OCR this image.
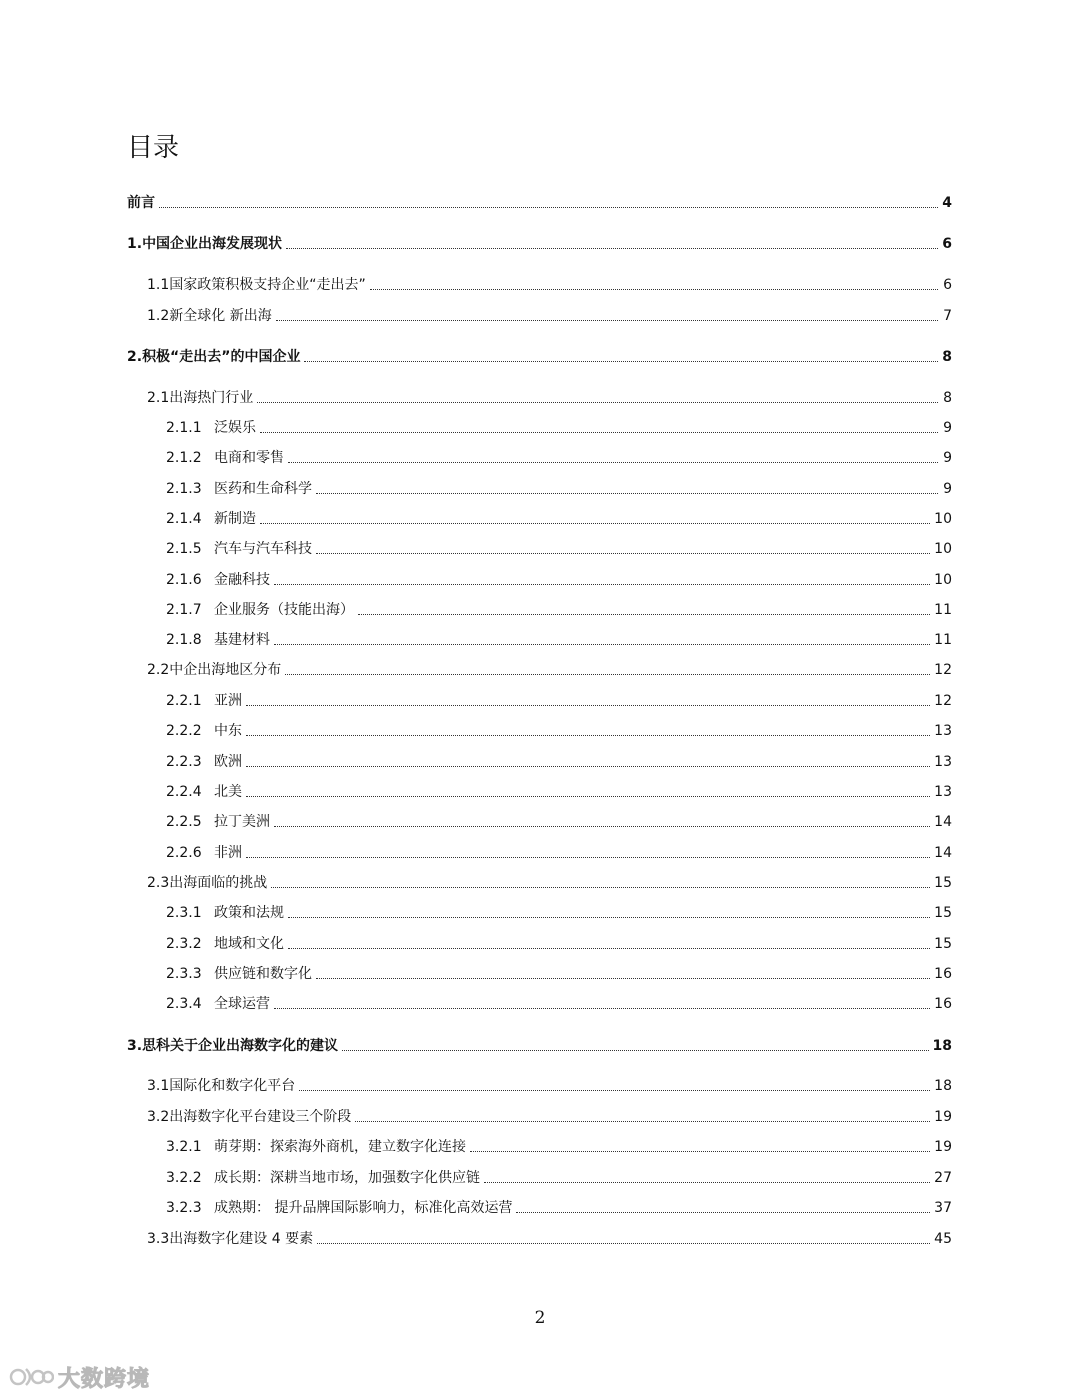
目录
前言	4
1. 中国企业出海发展现状	6
1.1 国家政策积极支持企业“走出去”	6
1.2 新全球化 新出海	7
2. 积极“走出去”的中国企业	8
2.1 出海热门行业	8
2.1.1 泛娱乐	9
2.1.2 电商和零售	9
2.1.3 医药和生命科学	9
2.1.4 新制造	10
2.1.5 汽车与汽车科技	10
2.1.6 金融科技	10
2.1.7 企业服务（技能出海）	11
2.1.8 基建材料	11
2.2 中企出海地区分布	12
2.2.1 亚洲	12
2.2.2 中东	13
2.2.3 欧洲	13
2.2.4 北美	13
2.2.5 拉丁美洲	14
2.2.6 非洲	14
2.3 出海面临的挑战	15
2.3.1 政策和法规	15
2.3.2 地域和文化	15
2.3.3 供应链和数字化	16
2.3.4 全球运营	16
3. 思科关于企业出海数字化的建议	18
3.1 国际化和数字化平台	18
3.2 出海数字化平台建设三个阶段	19
3.2.1 萌芽期：探索海外商机，建立数字化连接	19
3.2.2 成长期：深耕当地市场，加强数字化供应链	27
3.2.3 成熟期： 提升品牌国际影响力，标准化高效运营	37
3.3 出海数字化建设 4 要素	45
2
大数跨境
